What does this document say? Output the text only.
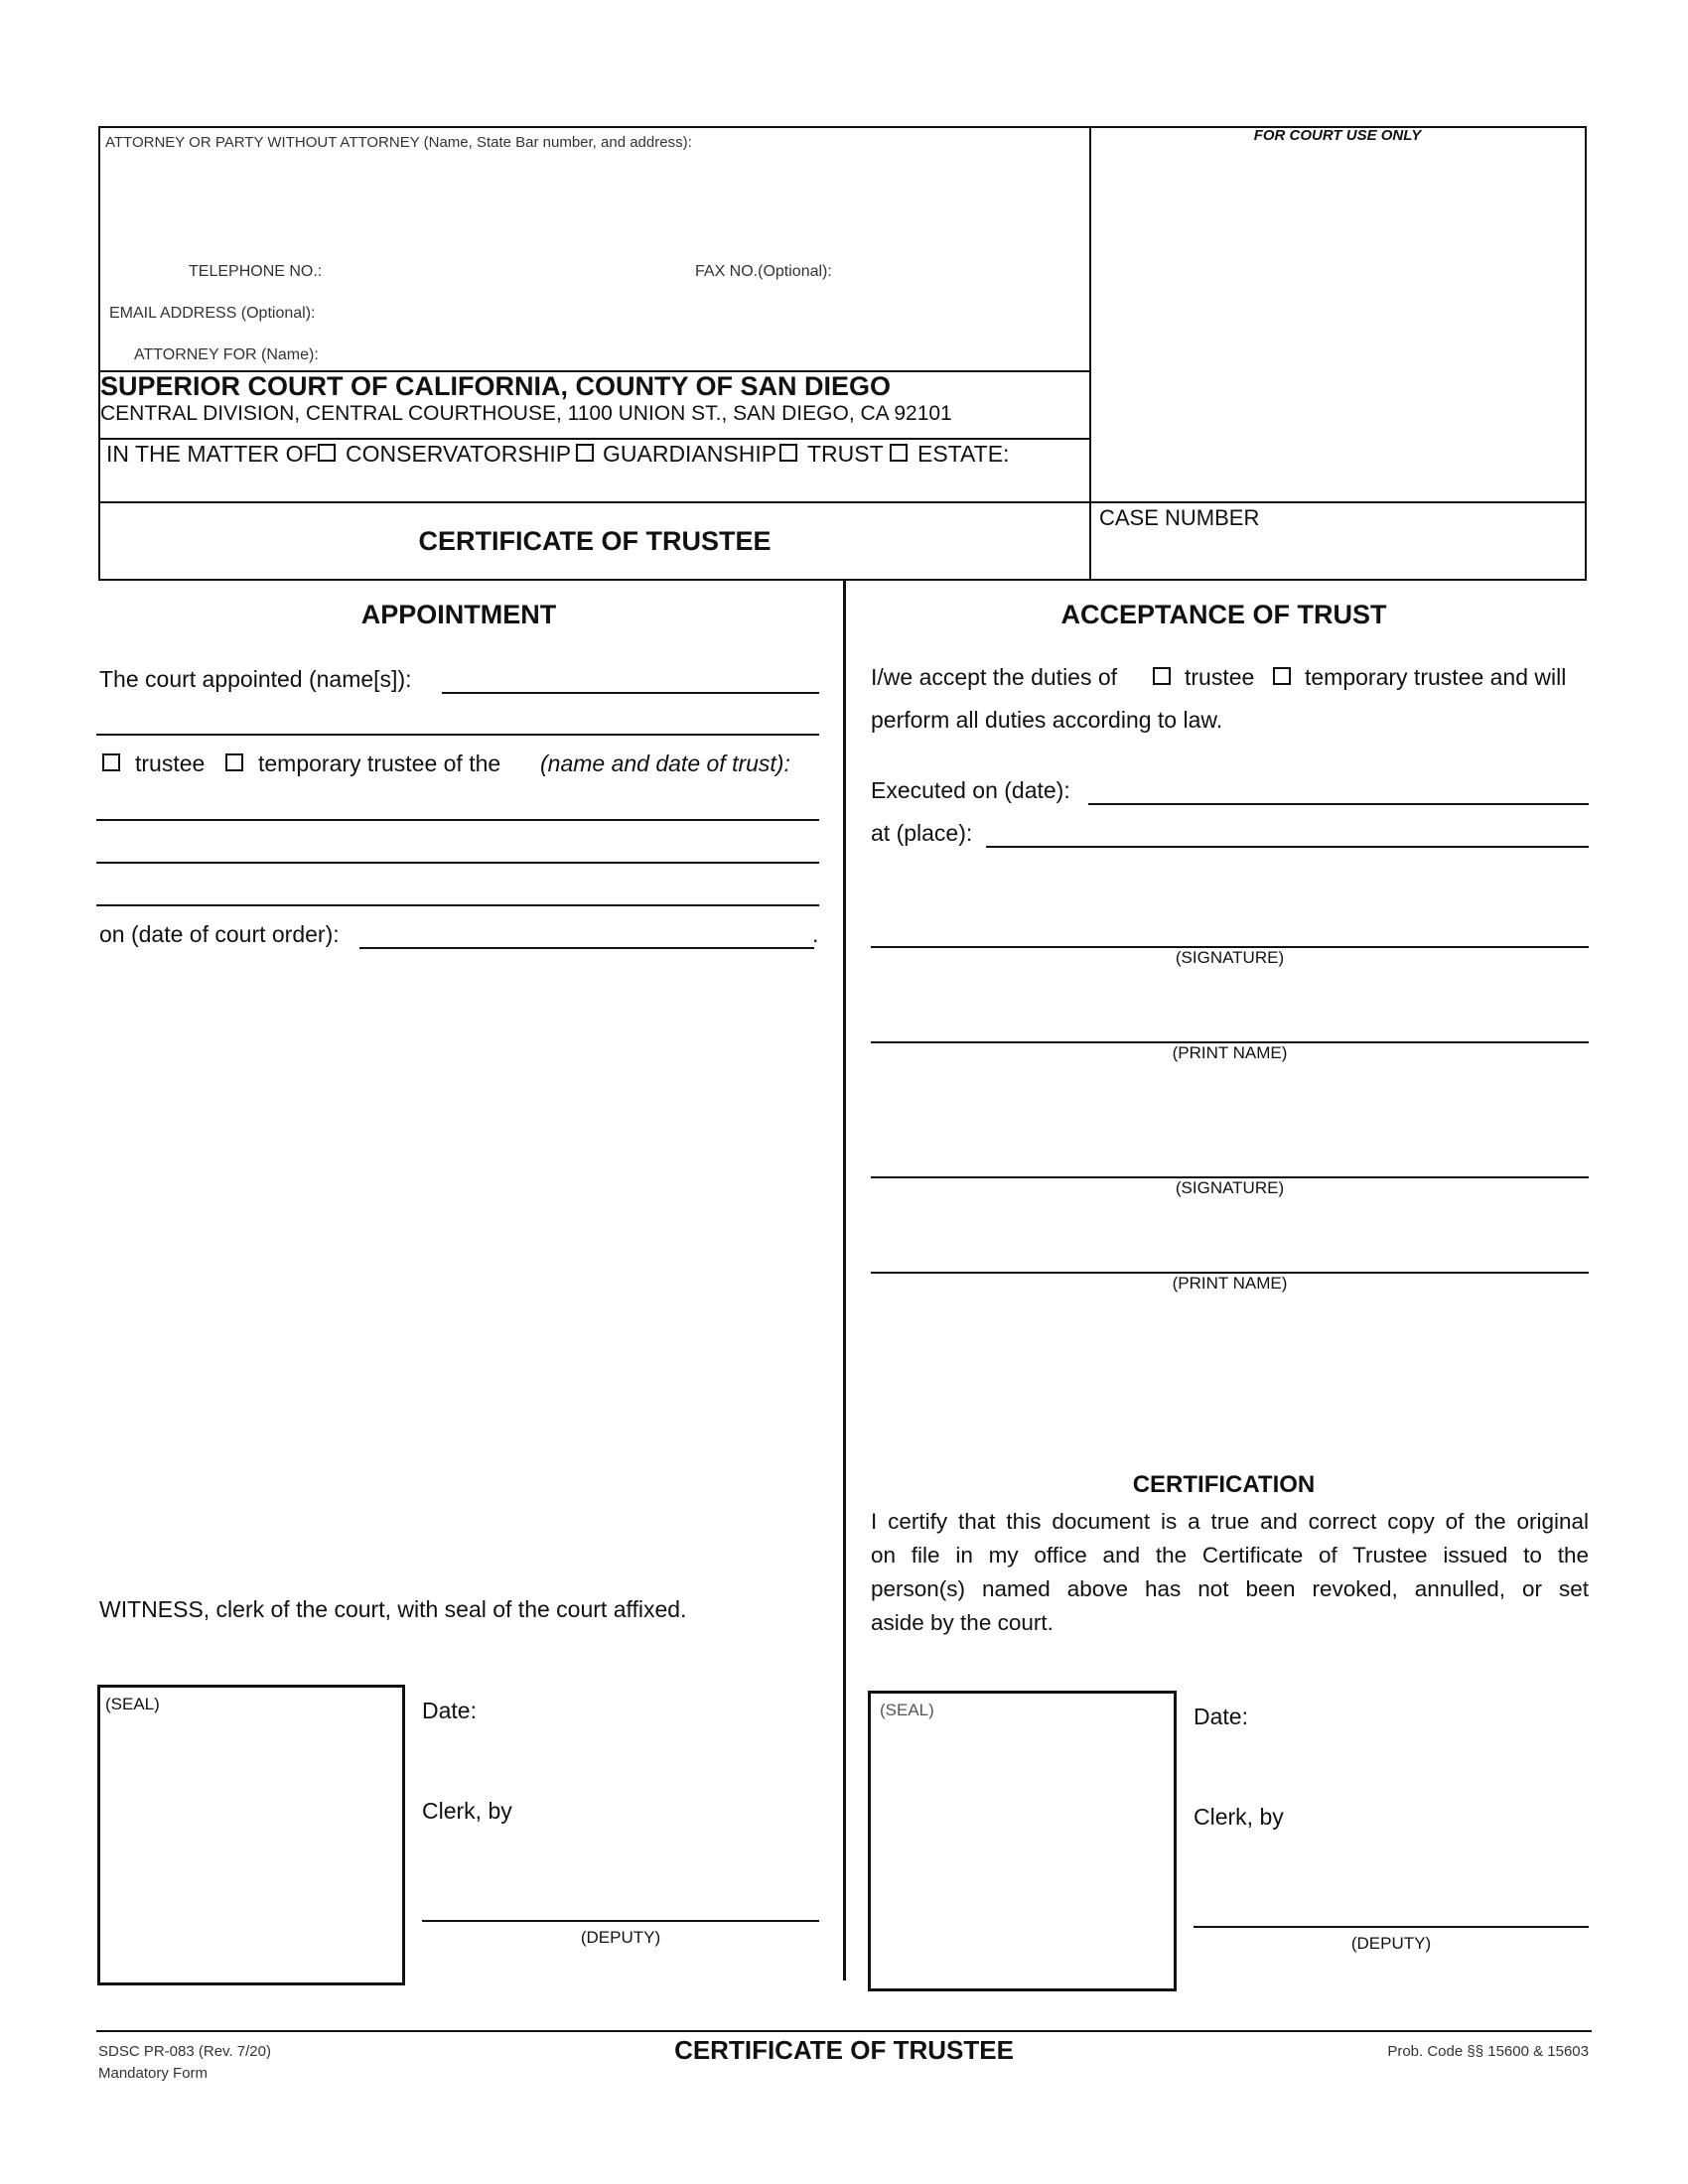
ATTORNEY OR PARTY WITHOUT ATTORNEY (Name, State Bar number, and address):	FOR COURT USE ONLY
TELEPHONE NO.:	FAX NO.(Optional):
EMAIL ADDRESS (Optional):
ATTORNEY FOR (Name):
SUPERIOR COURT OF CALIFORNIA, COUNTY OF SAN DIEGO
CENTRAL DIVISION, CENTRAL COURTHOUSE, 1100 UNION ST., SAN DIEGO, CA 92101
IN THE MATTER OF CONSERVATORSHIP GUARDIANSHIP TRUST ESTATE:
CERTIFICATE OF TRUSTEE
CASE NUMBER
APPOINTMENT
The court appointed (name[s]):
trustee temporary trustee of the (name and date of trust):
on (date of court order):	.
WITNESS, clerk of the court, with seal of the court affixed.
(SEAL)	Date:
Clerk, by
(DEPUTY)
ACCEPTANCE OF TRUST
I/we accept the duties of	trustee temporary trustee and will
perform all duties according to law.
Executed on (date):
at (place):
(SIGNATURE)
(PRINT NAME)
(SIGNATURE)
(PRINT NAME)
CERTIFICATION
I certify that this document is a true and correct copy of the original
on file in my office and the Certificate of Trustee issued to the
person(s) named above has not been revoked, annulled, or set
aside by the court.
(SEAL)	Date:
Clerk, by
(DEPUTY)
SDSC PR-083 (Rev. 7/20)
Mandatory Form
CERTIFICATE OF TRUSTEE	Prob. Code §§ 15600 & 15603
